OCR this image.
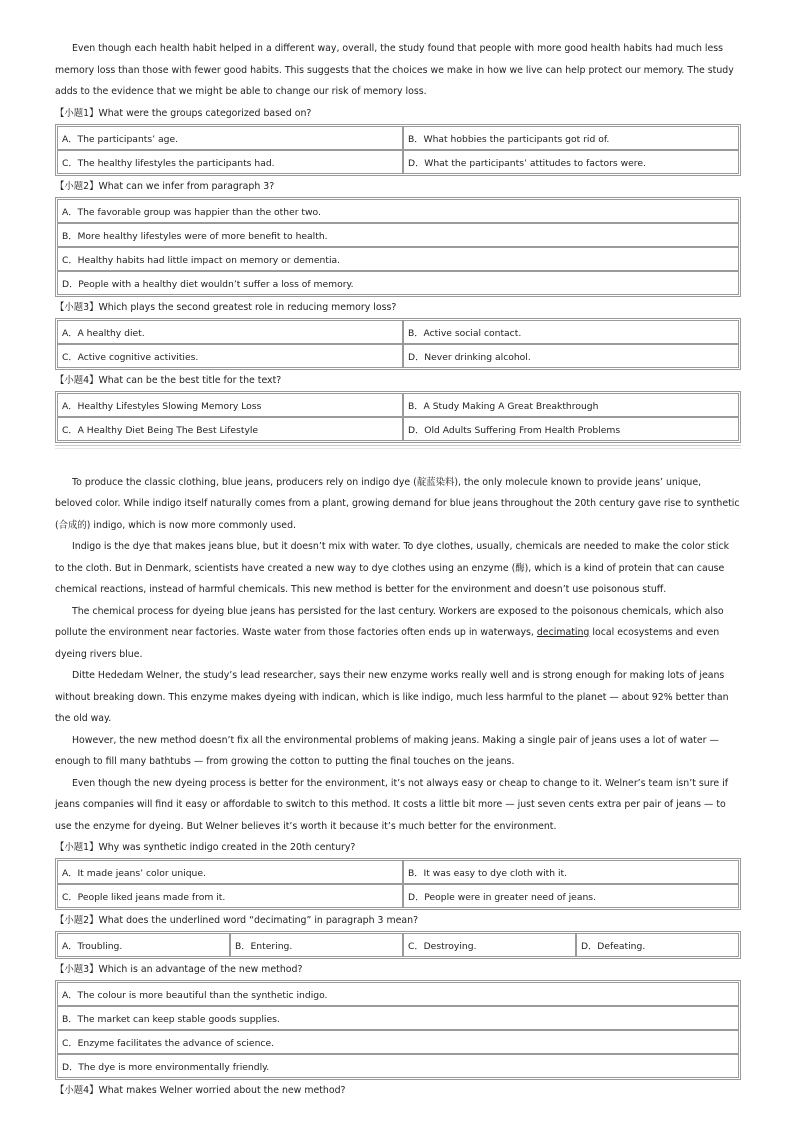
Even though each health habit helped in a different way, overall, the study found that people with more good health habits had much less memory loss than those with fewer good habits. This suggests that the choices we make in how we live can help protect our memory. The study adds to the evidence that we might be able to change our risk of memory loss.

【小题1】What were the groups categorized based on?
A．The participants’ age.	B．What hobbies the participants got rid of.
C．The healthy lifestyles the participants had.	D．What the participants’ attitudes to factors were.
【小题2】What can we infer from paragraph 3?
A．The favorable group was happier than the other two.
B．More healthy lifestyles were of more benefit to health.
C．Healthy habits had little impact on memory or dementia.
D．People with a healthy diet wouldn’t suffer a loss of memory.
【小题3】Which plays the second greatest role in reducing memory loss?
A．A healthy diet.	B．Active social contact.
C．Active cognitive activities.	D．Never drinking alcohol.
【小题4】What can be the best title for the text?
A．Healthy Lifestyles Slowing Memory Loss	B．A Study Making A Great Breakthrough
C．A Healthy Diet Being The Best Lifestyle	D．Old Adults Suffering From Health Problems

To produce the classic clothing, blue jeans, producers rely on indigo dye (靛蓝染料), the only molecule known to provide jeans’ unique, beloved color. While indigo itself naturally comes from a plant, growing demand for blue jeans throughout the 20th century gave rise to synthetic (合成的) indigo, which is now more commonly used.

Indigo is the dye that makes jeans blue, but it doesn’t mix with water. To dye clothes, usually, chemicals are needed to make the color stick to the cloth. But in Denmark, scientists have created a new way to dye clothes using an enzyme (酶), which is a kind of protein that can cause chemical reactions, instead of harmful chemicals. This new method is better for the environment and doesn’t use poisonous stuff.

The chemical process for dyeing blue jeans has persisted for the last century. Workers are exposed to the poisonous chemicals, which also pollute the environment near factories. Waste water from those factories often ends up in waterways, decimating local ecosystems and even dyeing rivers blue.

Ditte Hededam Welner, the study’s lead researcher, says their new enzyme works really well and is strong enough for making lots of jeans without breaking down. This enzyme makes dyeing with indican, which is like indigo, much less harmful to the planet — about 92% better than the old way.

However, the new method doesn’t fix all the environmental problems of making jeans. Making a single pair of jeans uses a lot of water — enough to fill many bathtubs — from growing the cotton to putting the final touches on the jeans.

Even though the new dyeing process is better for the environment, it’s not always easy or cheap to change to it. Welner’s team isn’t sure if jeans companies will find it easy or affordable to switch to this method. It costs a little bit more — just seven cents extra per pair of jeans — to use the enzyme for dyeing. But Welner believes it’s worth it because it’s much better for the environment.

【小题1】Why was synthetic indigo created in the 20th century?
A．It made jeans’ color unique.	B．It was easy to dye cloth with it.
C．People liked jeans made from it.	D．People were in greater need of jeans.
【小题2】What does the underlined word “decimating” in paragraph 3 mean?
A．Troubling.	B．Entering.	C．Destroying.	D．Defeating.
【小题3】Which is an advantage of the new method?
A．The colour is more beautiful than the synthetic indigo.
B．The market can keep stable goods supplies.
C．Enzyme facilitates the advance of science.
D．The dye is more environmentally friendly.
【小题4】What makes Welner worried about the new method?
